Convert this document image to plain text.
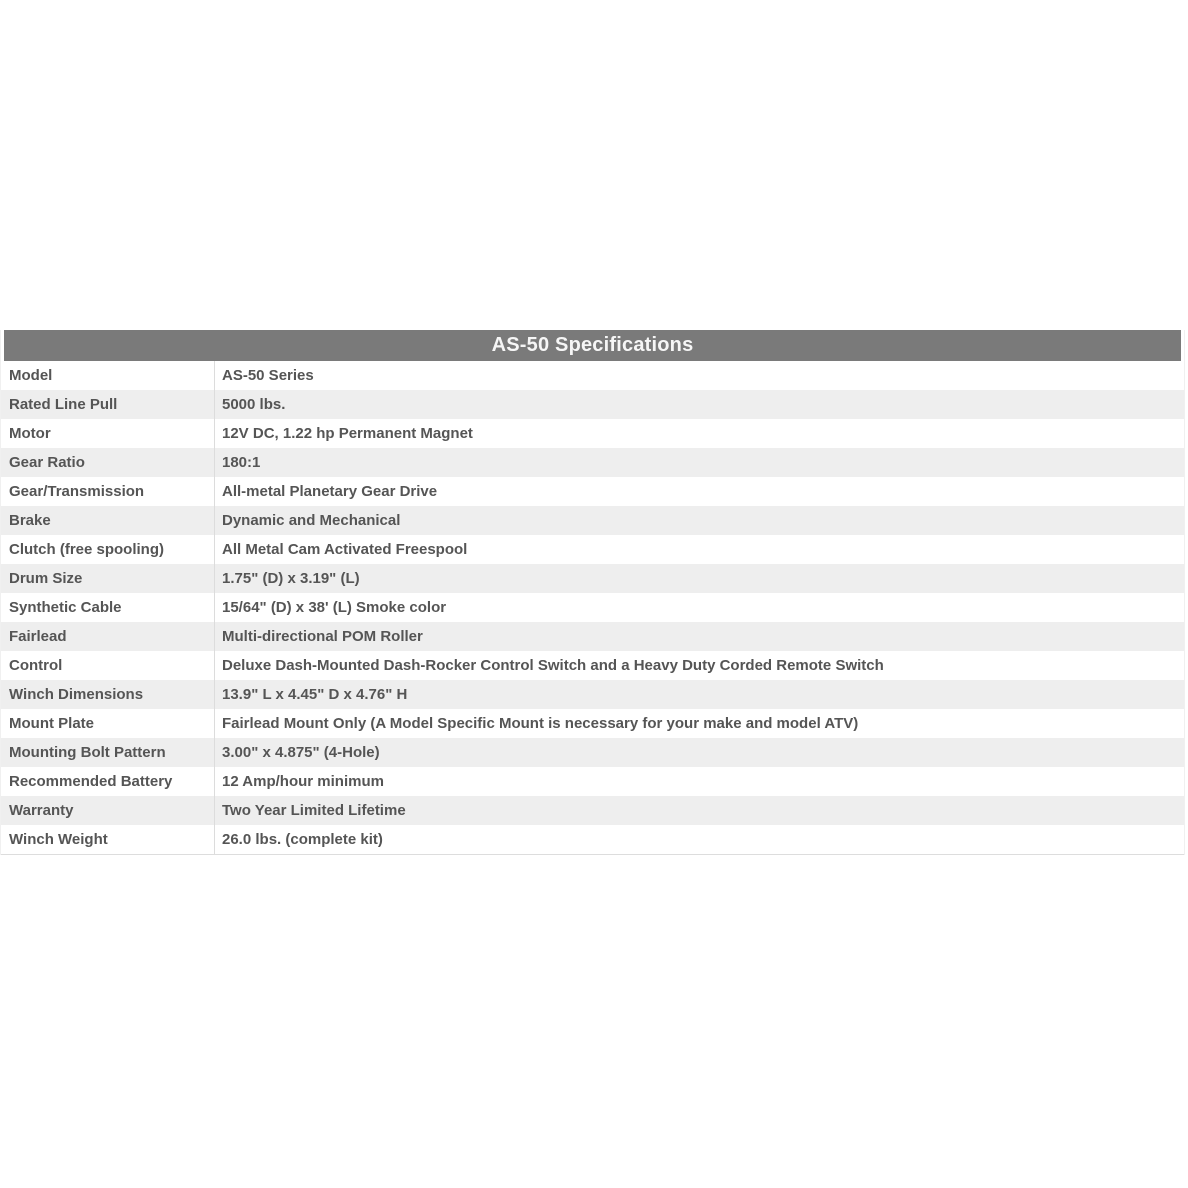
AS-50 Specifications
Model	AS-50 Series
Rated Line Pull	5000 lbs.
Motor	12V DC, 1.22 hp Permanent Magnet
Gear Ratio	180:1
Gear/Transmission	All-metal Planetary Gear Drive
Brake	Dynamic and Mechanical
Clutch (free spooling)	All Metal Cam Activated Freespool
Drum Size	1.75" (D) x 3.19" (L)
Synthetic Cable	15/64" (D) x 38' (L) Smoke color
Fairlead	Multi-directional POM Roller
Control	Deluxe Dash-Mounted Dash-Rocker Control Switch and a Heavy Duty Corded Remote Switch
Winch Dimensions	13.9" L x 4.45" D x 4.76" H
Mount Plate	Fairlead Mount Only (A Model Specific Mount is necessary for your make and model ATV)
Mounting Bolt Pattern	3.00" x 4.875" (4-Hole)
Recommended Battery	12 Amp/hour minimum
Warranty	Two Year Limited Lifetime
Winch Weight	26.0 lbs. (complete kit)
